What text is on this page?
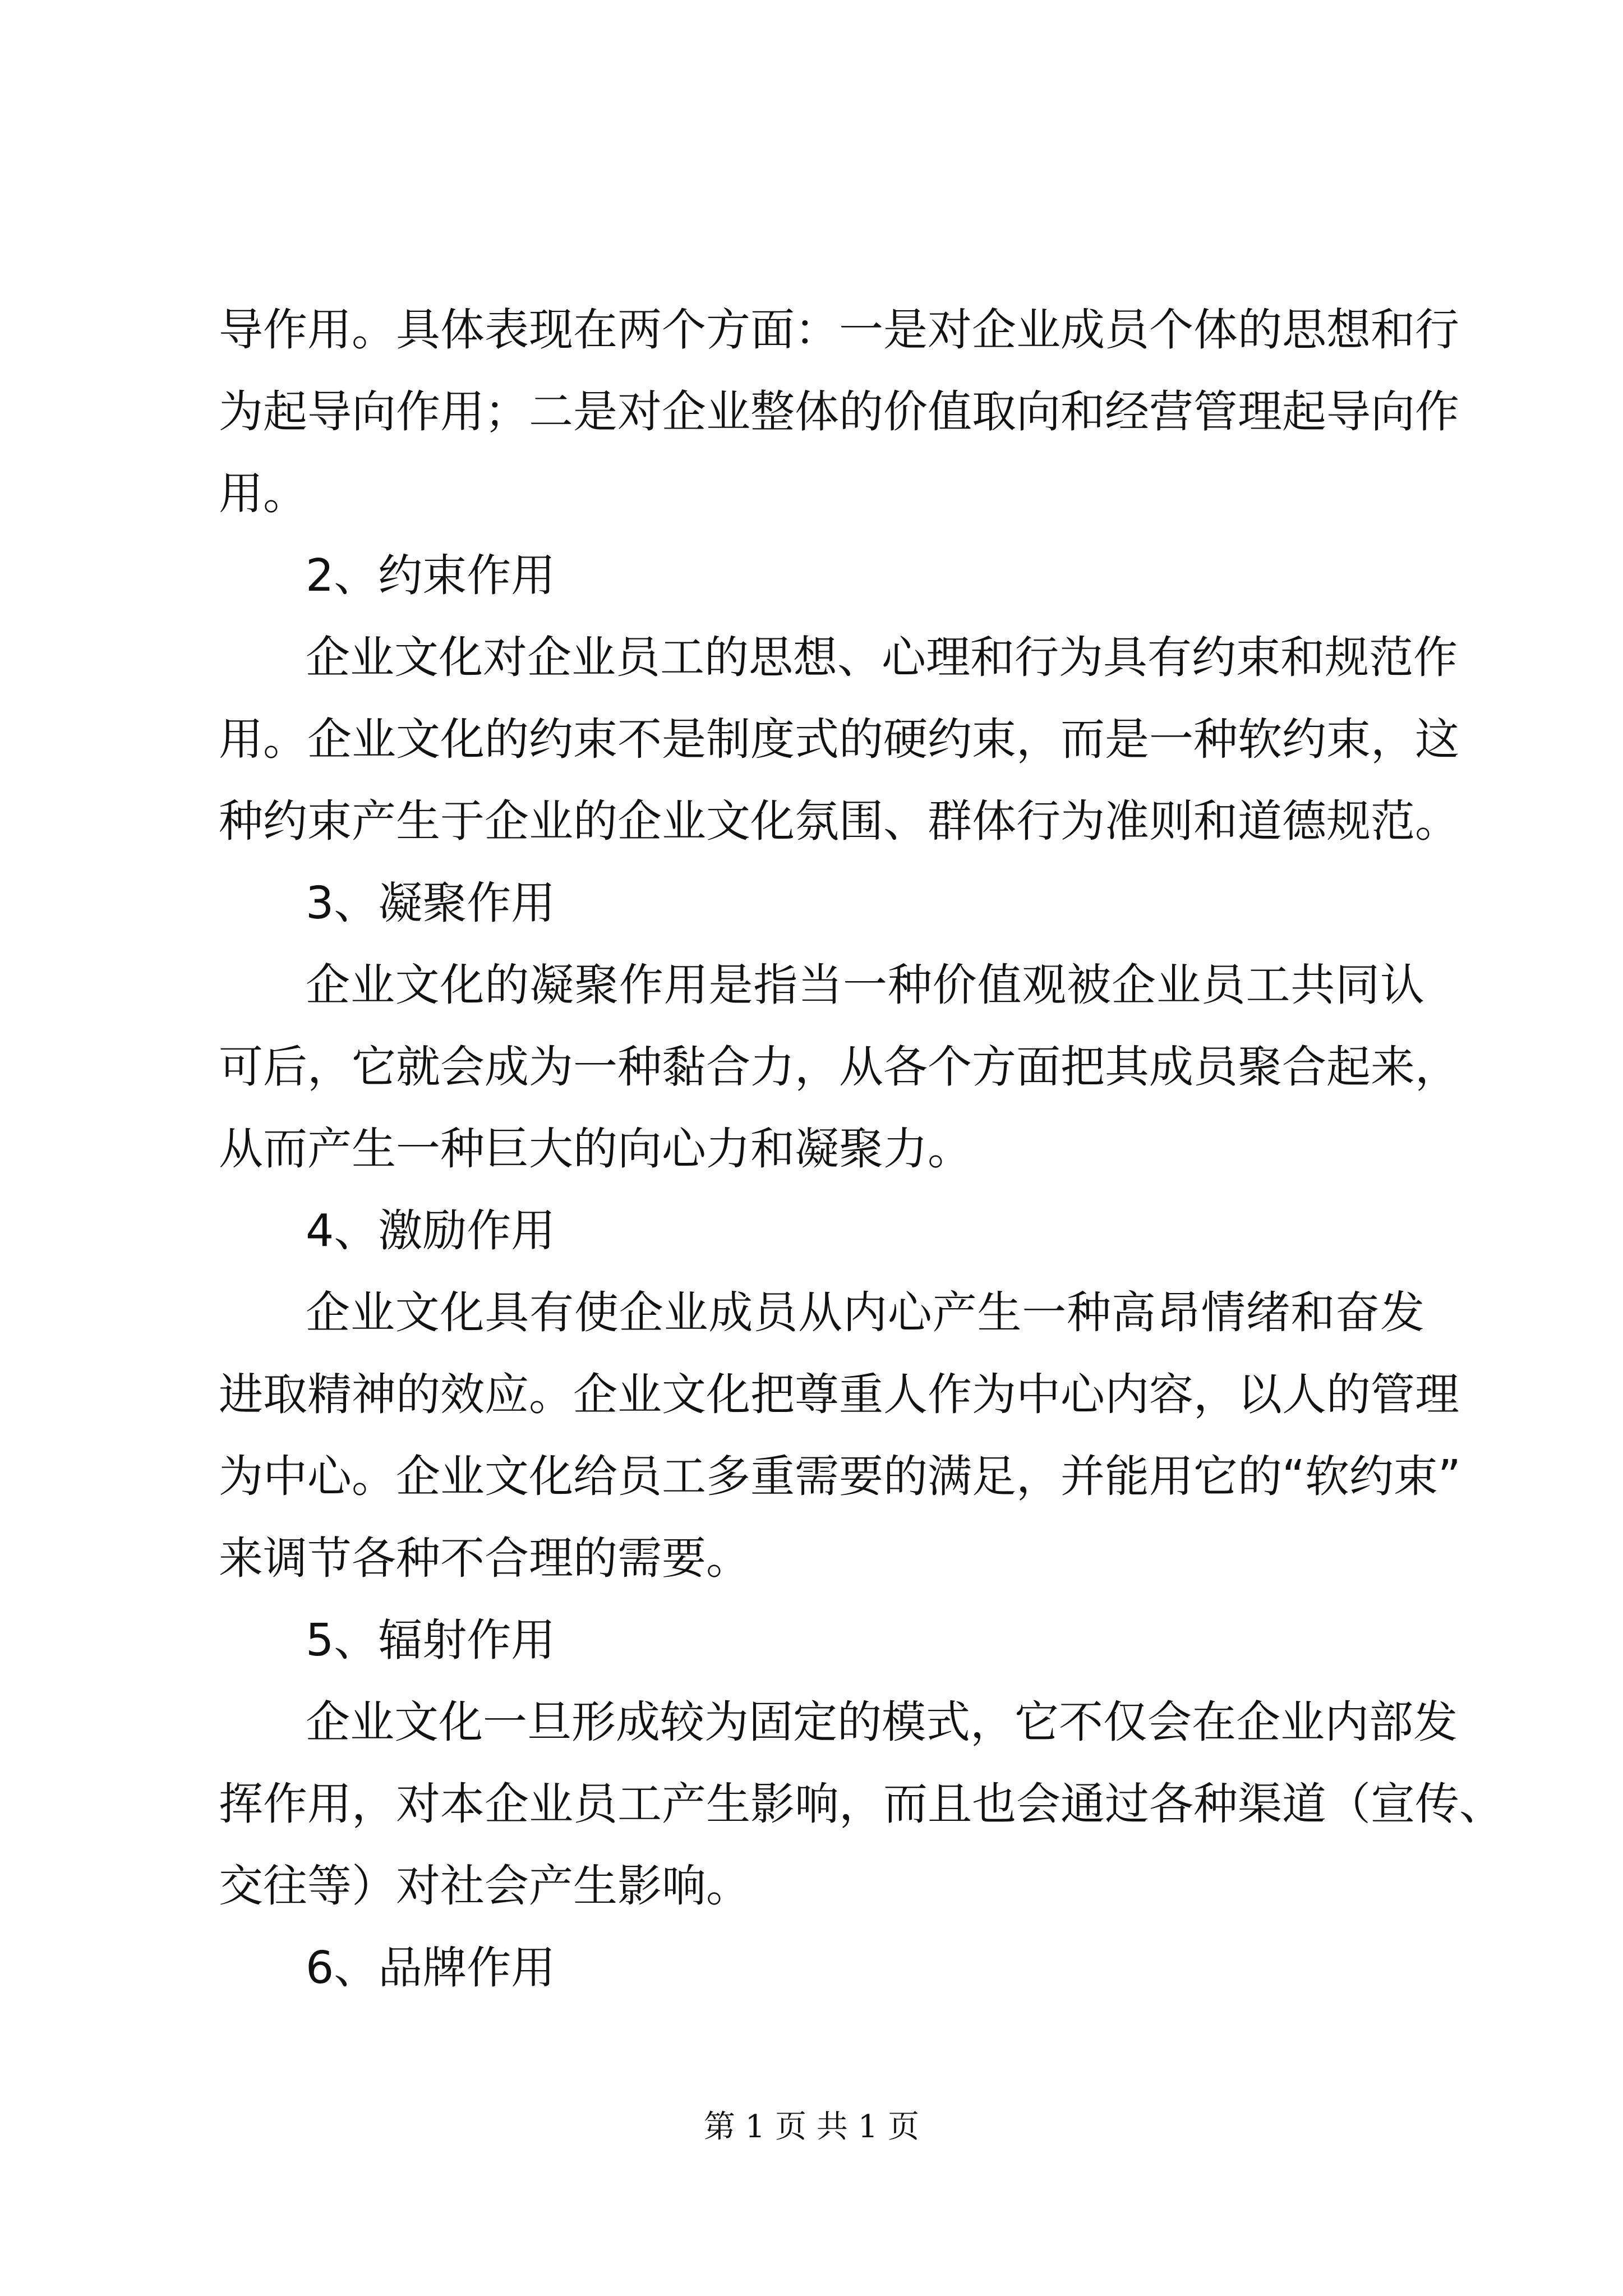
导作用。具体表现在两个方面：一是对企业成员个体的思想和行
为起导向作用；二是对企业整体的价值取向和经营管理起导向作
用。
2、约束作用
企业文化对企业员工的思想、心理和行为具有约束和规范作
用。企业文化的约束不是制度式的硬约束，而是一种软约束，这
种约束产生于企业的企业文化氛围、群体行为准则和道德规范。
3、凝聚作用
企业文化的凝聚作用是指当一种价值观被企业员工共同认
可后，它就会成为一种黏合力，从各个方面把其成员聚合起来，
从而产生一种巨大的向心力和凝聚力。
4、激励作用
企业文化具有使企业成员从内心产生一种高昂情绪和奋发
进取精神的效应。企业文化把尊重人作为中心内容，以人的管理
为中心。企业文化给员工多重需要的满足，并能用它的“软约束”
来调节各种不合理的需要。
5、辐射作用
企业文化一旦形成较为固定的模式，它不仅会在企业内部发
挥作用，对本企业员工产生影响，而且也会通过各种渠道（宣传、
交往等）对社会产生影响。
6、品牌作用
第 1 页 共 1 页
